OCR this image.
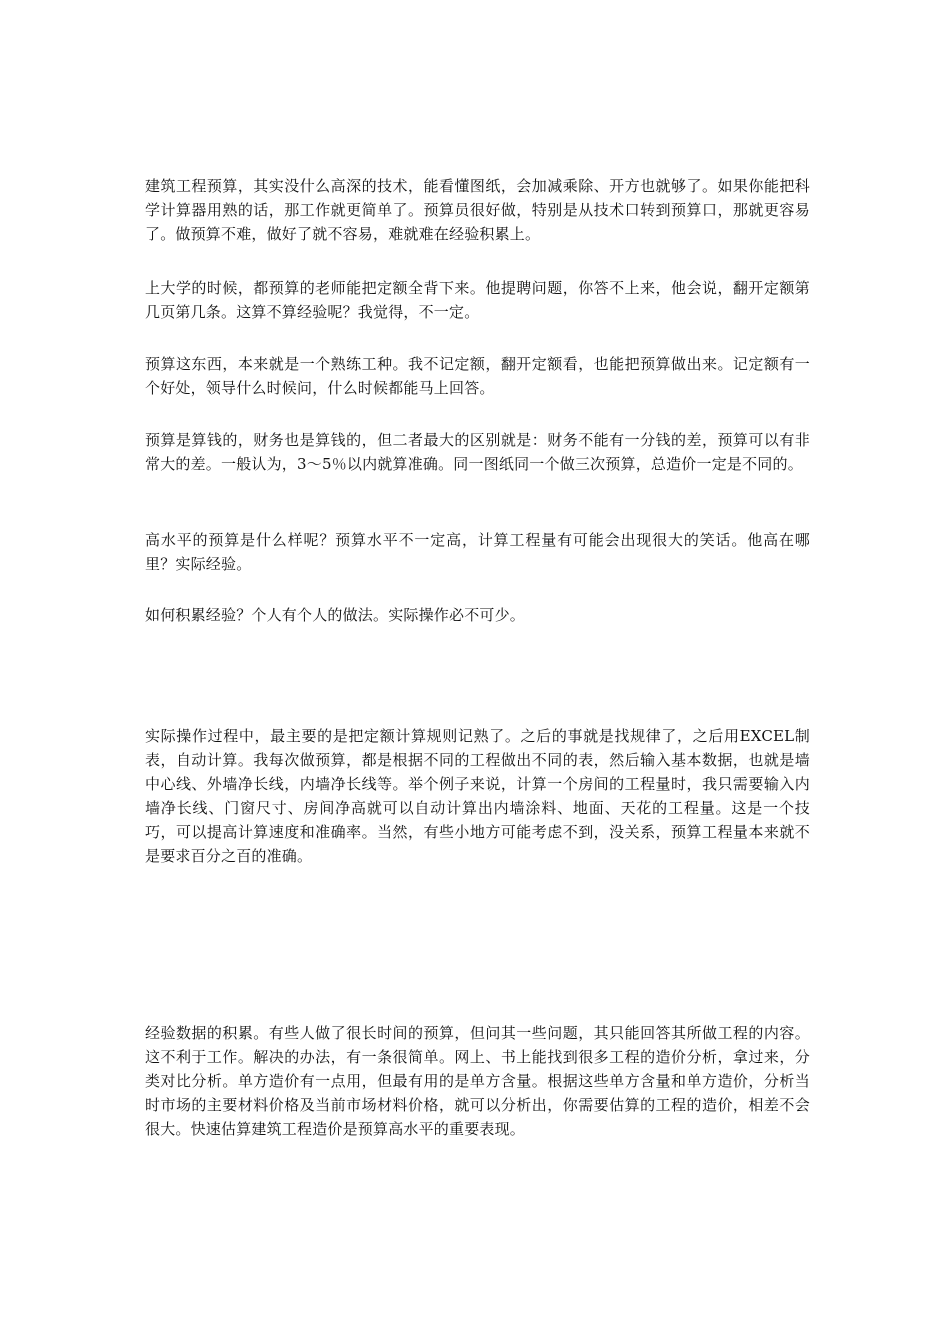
建筑工程预算，其实没什么高深的技术，能看懂图纸，会加减乘除、开方也就够了。如果你能把科学计算器用熟的话，那工作就更简单了。预算员很好做，特别是从技术口转到预算口，那就更容易了。做预算不难，做好了就不容易，难就难在经验积累上。

上大学的时候，都预算的老师能把定额全背下来。他提聘问题，你答不上来，他会说，翻开定额第几页第几条。这算不算经验呢？我觉得，不一定。

预算这东西，本来就是一个熟练工种。我不记定额，翻开定额看，也能把预算做出来。记定额有一个好处，领导什么时候问，什么时候都能马上回答。

预算是算钱的，财务也是算钱的，但二者最大的区别就是：财务不能有一分钱的差，预算可以有非常大的差。一般认为，3～5％以内就算准确。同一图纸同一个做三次预算，总造价一定是不同的。

高水平的预算是什么样呢？预算水平不一定高，计算工程量有可能会出现很大的笑话。他高在哪里？实际经验。

如何积累经验？个人有个人的做法。实际操作必不可少。

实际操作过程中，最主要的是把定额计算规则记熟了。之后的事就是找规律了，之后用EXCEL制表，自动计算。我每次做预算，都是根据不同的工程做出不同的表，然后输入基本数据，也就是墙中心线、外墙净长线，内墙净长线等。举个例子来说，计算一个房间的工程量时，我只需要输入内墙净长线、门窗尺寸、房间净高就可以自动计算出内墙涂料、地面、天花的工程量。这是一个技巧，可以提高计算速度和准确率。当然，有些小地方可能考虑不到，没关系，预算工程量本来就不是要求百分之百的准确。

经验数据的积累。有些人做了很长时间的预算，但问其一些问题，其只能回答其所做工程的内容。这不利于工作。解决的办法，有一条很简单。网上、书上能找到很多工程的造价分析，拿过来，分类对比分析。单方造价有一点用，但最有用的是单方含量。根据这些单方含量和单方造价，分析当时市场的主要材料价格及当前市场材料价格，就可以分析出，你需要估算的工程的造价，相差不会很大。快速估算建筑工程造价是预算高水平的重要表现。
